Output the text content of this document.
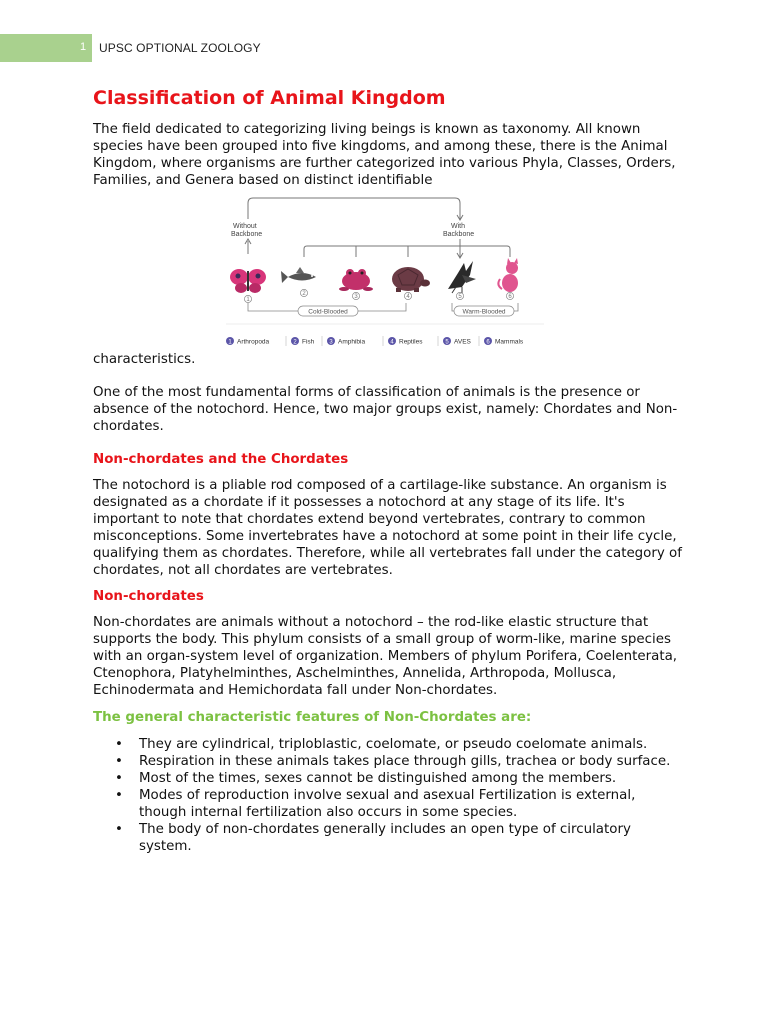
1 UPSC OPTIONAL ZOOLOGY
Classification of Animal Kingdom

The field dedicated to categorizing living beings is known as taxonomy. All known species have been grouped into five kingdoms, and among these, there is the Animal Kingdom, where organisms are further categorized into various Phyla, Classes, Orders, Families, and Genera based on distinct identifiable

Without
Backbone
With
Backbone
1
2	3	4	5	6
Cold-Blooded	Warm-Blooded
1 Arthropoda	2 Fish	3 Amphibia	4 Reptiles	5 AVES	6 Mammals

characteristics.

One of the most fundamental forms of classification of animals is the presence or absence of the notochord. Hence, two major groups exist, namely: Chordates and Non-chordates.

Non-chordates and the Chordates

The notochord is a pliable rod composed of a cartilage-like substance. An organism is designated as a chordate if it possesses a notochord at any stage of its life. It's important to note that chordates extend beyond vertebrates, contrary to common misconceptions. Some invertebrates have a notochord at some point in their life cycle, qualifying them as chordates. Therefore, while all vertebrates fall under the category of chordates, not all chordates are vertebrates.

Non-chordates

Non-chordates are animals without a notochord – the rod-like elastic structure that supports the body. This phylum consists of a small group of worm-like, marine species with an organ-system level of organization. Members of phylum Porifera, Coelenterata, Ctenophora, Platyhelminthes, Aschelminthes, Annelida, Arthropoda, Mollusca, Echinodermata and Hemichordata fall under Non-chordates.

The general characteristic features of Non-Chordates are:

• They are cylindrical, triploblastic, coelomate, or pseudo coelomate animals.
• Respiration in these animals takes place through gills, trachea or body surface.
• Most of the times, sexes cannot be distinguished among the members.
• Modes of reproduction involve sexual and asexual Fertilization is external, though internal fertilization also occurs in some species.
• The body of non-chordates generally includes an open type of circulatory system.
